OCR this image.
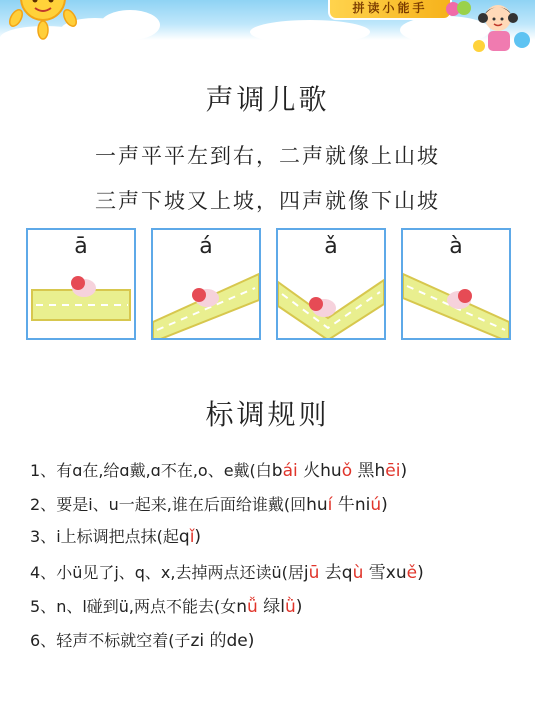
拼读小能手
声调儿歌
一声平平左到右，二声就像上山坡
三声下坡又上坡，四声就像下山坡
ā	á	ǎ	à
标调规则
1、有ɑ在,给ɑ戴,ɑ不在,o、e戴(白bái 火huǒ 黑hēi)
2、要是i、u一起来,谁在后面给谁戴(回huí 牛niú)
3、i上标调把点抹(起qǐ)
4、小ü见了j、q、x,去掉两点还读ü(居jū 去qù 雪xuě)
5、n、l碰到ü,两点不能去(女nǚ 绿lǜ)
6、轻声不标就空着(子zi 的de)
